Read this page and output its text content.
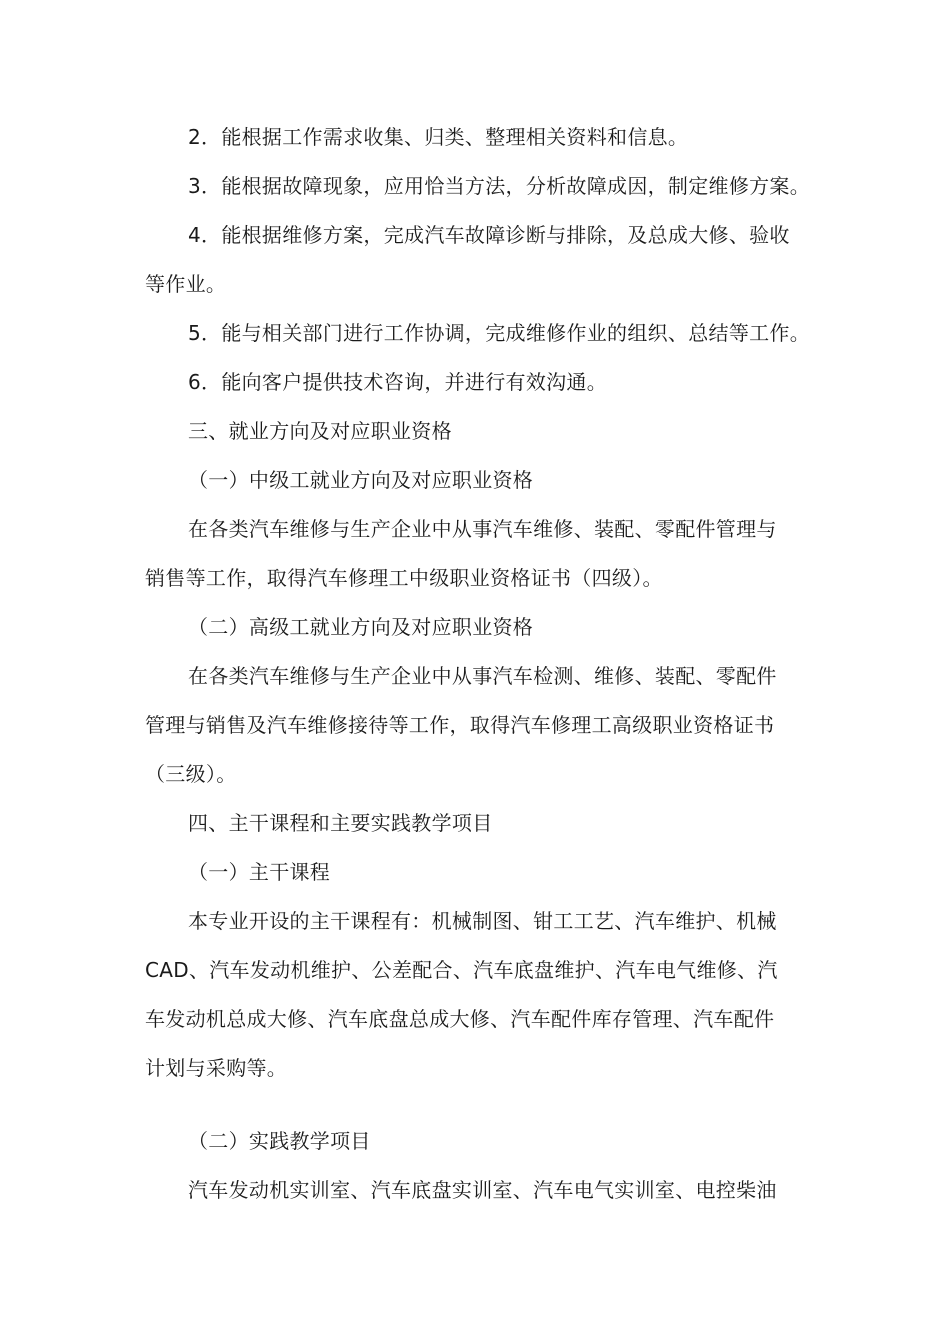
2．能根据工作需求收集、归类、整理相关资料和信息。
3．能根据故障现象，应用恰当方法，分析故障成因，制定维修方案。
4．能根据维修方案，完成汽车故障诊断与排除，及总成大修、验收
等作业。
5．能与相关部门进行工作协调，完成维修作业的组织、总结等工作。
6．能向客户提供技术咨询，并进行有效沟通。
三、就业方向及对应职业资格
（一）中级工就业方向及对应职业资格
在各类汽车维修与生产企业中从事汽车维修、装配、零配件管理与
销售等工作，取得汽车修理工中级职业资格证书（四级）。
（二）高级工就业方向及对应职业资格
在各类汽车维修与生产企业中从事汽车检测、维修、装配、零配件
管理与销售及汽车维修接待等工作，取得汽车修理工高级职业资格证书
（三级）。
四、主干课程和主要实践教学项目
（一）主干课程
本专业开设的主干课程有：机械制图、钳工工艺、汽车维护、机械
CAD、汽车发动机维护、公差配合、汽车底盘维护、汽车电气维修、汽
车发动机总成大修、汽车底盘总成大修、汽车配件库存管理、汽车配件
计划与采购等。
（二）实践教学项目
汽车发动机实训室、汽车底盘实训室、汽车电气实训室、电控柴油
